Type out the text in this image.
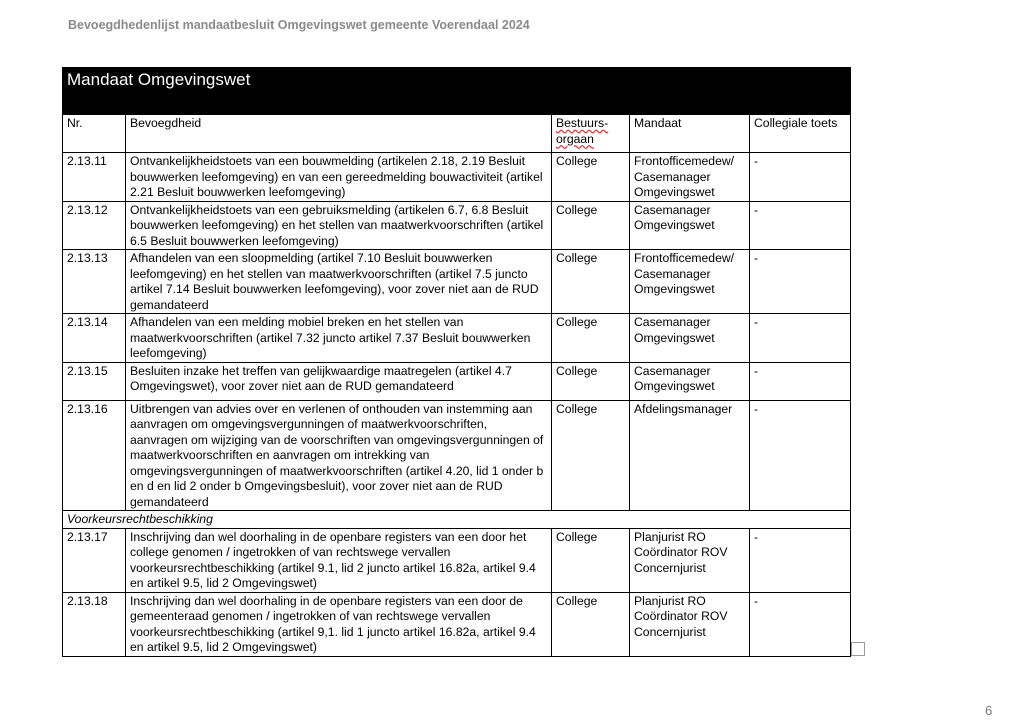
Bevoegdhedenlijst mandaatbesluit Omgevingswet gemeente Voerendaal 2024
Mandaat Omgevingswet				
Nr.	Bevoegdheid	Bestuurs-orgaan	Mandaat	Collegiale toets
2.13.11	Ontvankelijkheidstoets van een bouwmelding (artikelen 2.18, 2.19 Besluit bouwwerken leefomgeving) en van een gereedmelding bouwactiviteit (artikel 2.21 Besluit bouwwerken leefomgeving)	College	Frontofficemedew/ Casemanager Omgevingswet	-
2.13.12	Ontvankelijkheidstoets van een gebruiksmelding (artikelen 6.7, 6.8 Besluit bouwwerken leefomgeving) en het stellen van maatwerkvoorschriften (artikel 6.5 Besluit bouwwerken leefomgeving)	College	Casemanager Omgevingswet	-
2.13.13	Afhandelen van een sloopmelding (artikel 7.10 Besluit bouwwerken leefomgeving) en het stellen van maatwerkvoorschriften (artikel 7.5 juncto artikel 7.14 Besluit bouwwerken leefomgeving), voor zover niet aan de RUD gemandateerd	College	Frontofficemedew/ Casemanager Omgevingswet	-
2.13.14	Afhandelen van een melding mobiel breken en het stellen van maatwerkvoorschriften (artikel 7.32 juncto artikel 7.37 Besluit bouwwerken leefomgeving)	College	Casemanager Omgevingswet	-
2.13.15	Besluiten inzake het treffen van gelijkwaardige maatregelen (artikel 4.7 Omgevingswet), voor zover niet aan de RUD gemandateerd	College	Casemanager Omgevingswet	-
2.13.16	Uitbrengen van advies over en verlenen of onthouden van instemming aan aanvragen om omgevingsvergunningen of maatwerkvoorschriften, aanvragen om wijziging van de voorschriften van omgevingsvergunningen of maatwerkvoorschriften en aanvragen om intrekking van omgevingsvergunningen of maatwerkvoorschriften (artikel 4.20, lid 1 onder b en d en lid 2 onder b Omgevingsbesluit), voor zover niet aan de RUD gemandateerd	College	Afdelingsmanager	-
Voorkeursrechtbeschikking				
2.13.17	Inschrijving dan wel doorhaling in de openbare registers van een door het college genomen / ingetrokken of van rechtswege vervallen voorkeursrechtbeschikking (artikel 9.1, lid 2 juncto artikel 16.82a, artikel 9.4 en artikel 9.5, lid 2 Omgevingswet)	College	Planjurist RO Coördinator ROV Concernjurist	-
2.13.18	Inschrijving dan wel doorhaling in de openbare registers van een door de gemeenteraad genomen / ingetrokken of van rechtswege vervallen voorkeursrechtbeschikking (artikel 9,1. lid 1 juncto artikel 16.82a, artikel 9.4 en artikel 9.5, lid 2 Omgevingswet)	College	Planjurist RO Coördinator ROV Concernjurist	-
6
